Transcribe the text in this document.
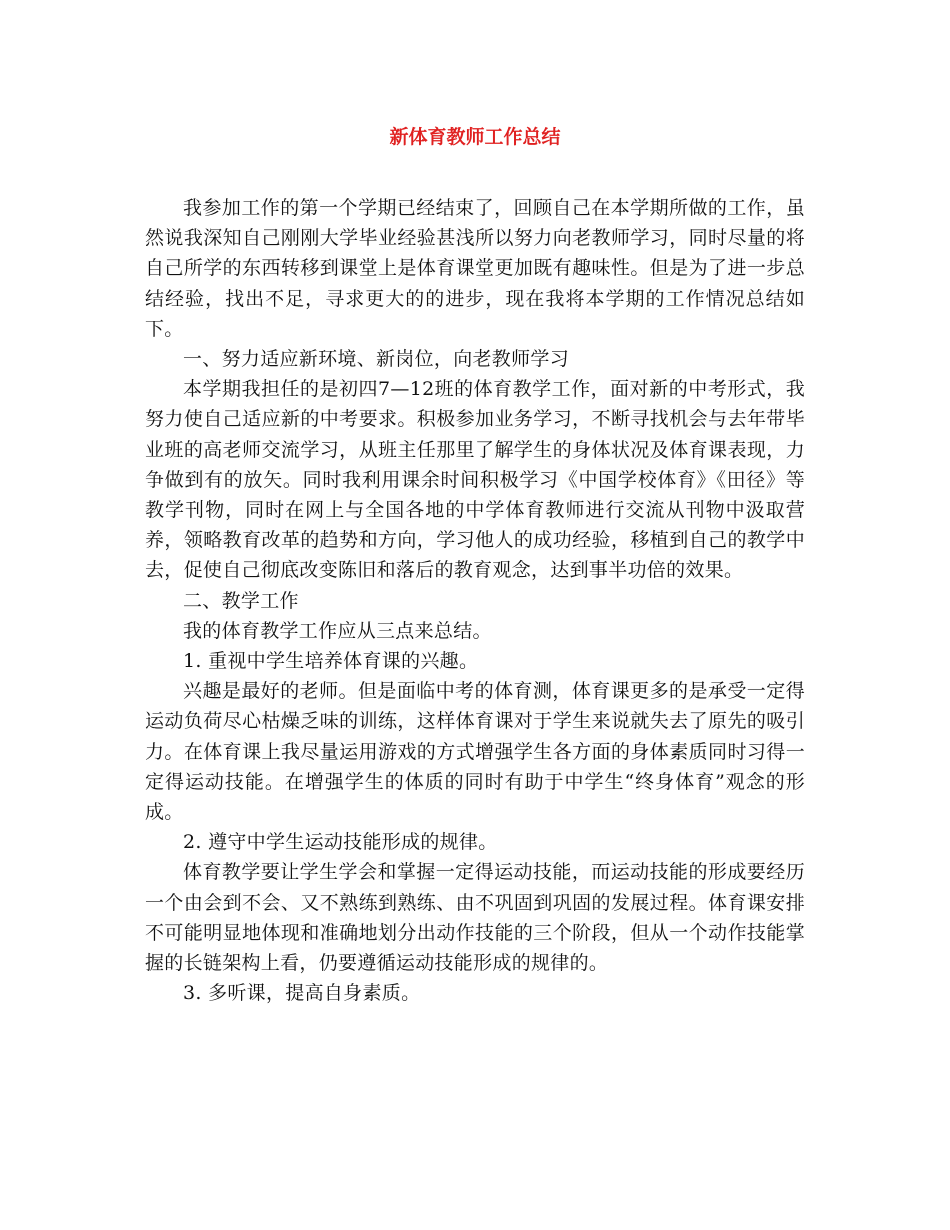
新体育教师工作总结

我参加工作的第一个学期已经结束了，回顾自己在本学期所做的工作，虽然说我深知自己刚刚大学毕业经验甚浅所以努力向老教师学习，同时尽量的将自己所学的东西转移到课堂上是体育课堂更加既有趣味性。但是为了进一步总结经验，找出不足，寻求更大的的进步，现在我将本学期的工作情况总结如下。

一、努力适应新环境、新岗位，向老教师学习

本学期我担任的是初四7—12班的体育教学工作，面对新的中考形式，我努力使自己适应新的中考要求。积极参加业务学习，不断寻找机会与去年带毕业班的高老师交流学习，从班主任那里了解学生的身体状况及体育课表现，力争做到有的放矢。同时我利用课余时间积极学习《中国学校体育》《田径》等教学刊物，同时在网上与全国各地的中学体育教师进行交流从刊物中汲取营养，领略教育改革的趋势和方向，学习他人的成功经验，移植到自己的教学中去，促使自己彻底改变陈旧和落后的教育观念，达到事半功倍的效果。

二、教学工作

我的体育教学工作应从三点来总结。

1. 重视中学生培养体育课的兴趣。

兴趣是最好的老师。但是面临中考的体育测，体育课更多的是承受一定得运动负荷尽心枯燥乏味的训练，这样体育课对于学生来说就失去了原先的吸引力。在体育课上我尽量运用游戏的方式增强学生各方面的身体素质同时习得一定得运动技能。在增强学生的体质的同时有助于中学生“终身体育”观念的形成。

2. 遵守中学生运动技能形成的规律。

体育教学要让学生学会和掌握一定得运动技能，而运动技能的形成要经历一个由会到不会、又不熟练到熟练、由不巩固到巩固的发展过程。体育课安排不可能明显地体现和准确地划分出动作技能的三个阶段，但从一个动作技能掌握的长链架构上看，仍要遵循运动技能形成的规律的。

3. 多听课，提高自身素质。
